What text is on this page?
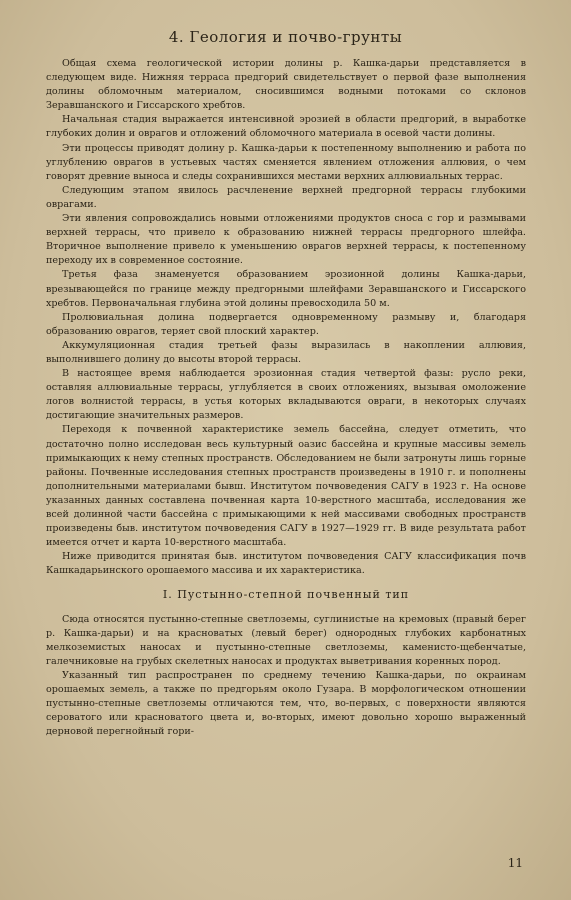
4. Геология и почво-грунты

Общая схема геологической истории долины р. Кашка-дарьи представляется в следующем виде. Нижняя терраса предгорий свидетельствует о первой фазе выполнения долины обломочным материалом, сносившимся водными потоками со склонов Зеравшанского и Гиссарского хребтов.

Начальная стадия выражается интенсивной эрозией в области предгорий, в выработке глубоких долин и оврагов и отложений обломочного материала в осевой части долины.

Эти процессы приводят долину р. Кашка-дарьи к постепенному выполнению и работа по углублению оврагов в устьевых частях сменяется явлением отложения аллювия, о чем говорят древние выноса и следы сохранившихся местами верхних аллювиальных террас.

Следующим этапом явилось расчленение верхней предгорной террасы глубокими оврагами.

Эти явления сопровождались новыми отложениями продуктов сноса с гор и размывами верхней террасы, что привело к образованию нижней террасы предгорного шлейфа. Вторичное выполнение привело к уменьшению оврагов верхней террасы, к постепенному переходу их в современное состояние.

Третья фаза знаменуется образованием эрозионной долины Кашка-дарьи, врезывающейся по границе между предгорными шлейфами Зеравшанского и Гиссарского хребтов. Первоначальная глубина этой долины превосходила 50 м.

Пролювиальная долина подвергается одновременному размыву и, благодаря образованию оврагов, теряет свой плоский характер.

Аккумуляционная стадия третьей фазы выразилась в накоплении аллювия, выполнившего долину до высоты второй террасы.

В настоящее время наблюдается эрозионная стадия четвертой фазы: русло реки, оставляя аллювиальные террасы, углубляется в своих отложениях, вызывая омоложение логов волнистой террасы, в устья которых вкладываются овраги, в некоторых случаях достигающие значительных размеров.

Переходя к почвенной характеристике земель бассейна, следует отметить, что достаточно полно исследован весь культурный оазис бассейна и крупные массивы земель примыкающих к нему степных пространств. Обследованием не были затронуты лишь горные районы. Почвенные исследования степных пространств произведены в 1910 г. и пополнены дополнительными материалами бывш. Институтом почвоведения САГУ в 1923 г. На основе указанных данных составлена почвенная карта 10-верстного масштаба, исследования же всей долинной части бассейна с примыкающими к ней массивами свободных пространств произведены быв. институтом почвоведения САГУ в 1927—1929 гг. В виде результата работ имеется отчет и карта 10-верстного масштаба.

Ниже приводится принятая быв. институтом почвоведения САГУ классификация почв Кашкадарьинского орошаемого массива и их характеристика.

I. Пустынно-степной почвенный тип

Сюда относятся пустынно-степные светлоземы, суглинистые на кремовых (правый берег р. Кашка-дарьи) и на красноватых (левый берег) однородных глубоких карбонатных мелкоземистых наносах и пустынно-степные светлоземы, каменисто-щебенчатые, галечниковые на грубых скелетных наносах и продуктах выветривания коренных пород.

Указанный тип распространен по среднему течению Кашка-дарьи, по окраинам орошаемых земель, а также по предгорьям около Гузара. В морфологическом отношении пустынно-степные светлоземы отличаются тем, что, во-первых, с поверхности являются сероватого или красноватого цвета и, во-вторых, имеют довольно хорошо выраженный дерновой перегнойный гори-

11
